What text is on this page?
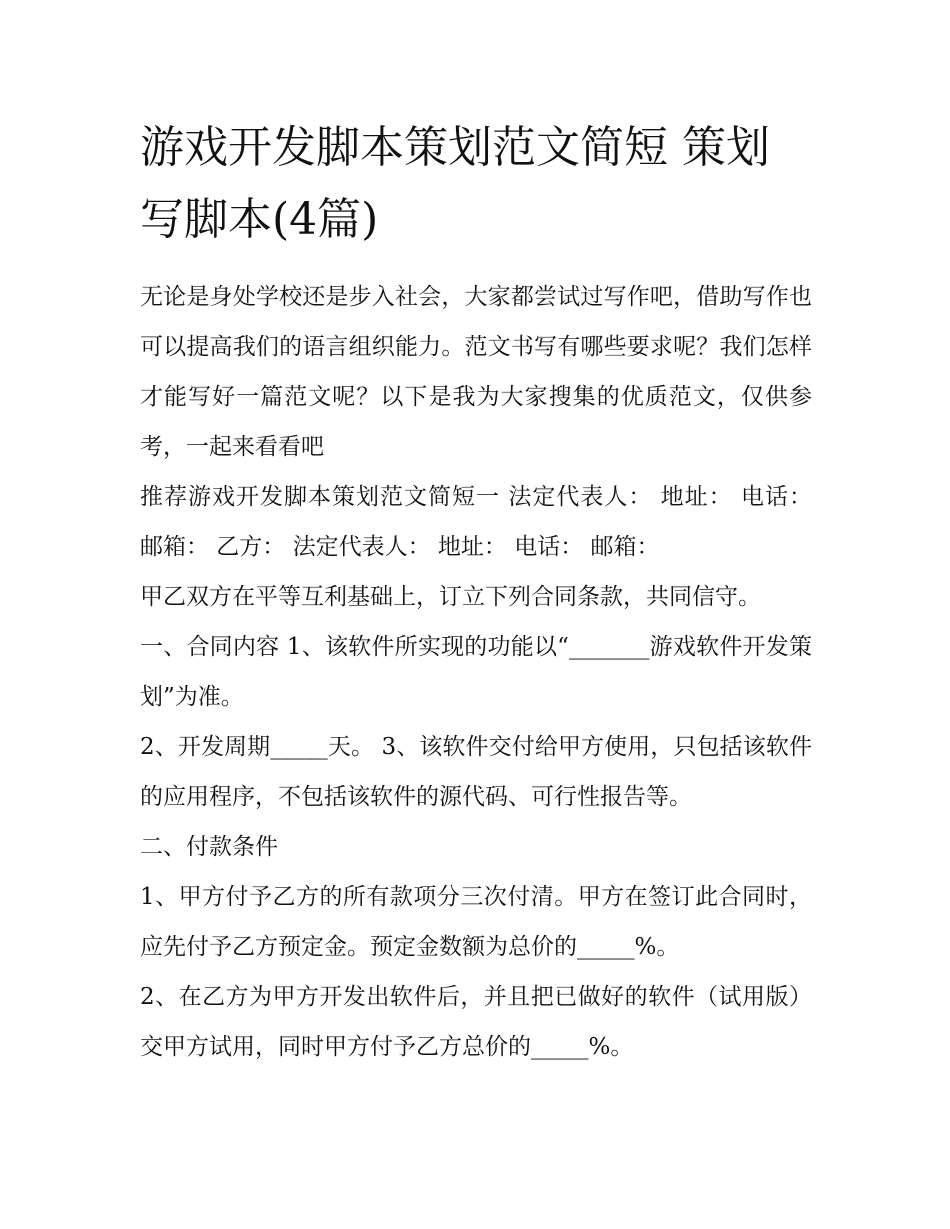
游戏开发脚本策划范文简短 策划写脚本(4篇)

无论是身处学校还是步入社会，大家都尝试过写作吧，借助写作也可以提高我们的语言组织能力。范文书写有哪些要求呢？我们怎样才能写好一篇范文呢？以下是我为大家搜集的优质范文，仅供参考，一起来看看吧

推荐游戏开发脚本策划范文简短一 法定代表人： 地址： 电话： 邮箱： 乙方： 法定代表人： 地址： 电话： 邮箱：

甲乙双方在平等互利基础上，订立下列合同条款，共同信守。

一、合同内容 1、该软件所实现的功能以“_______游戏软件开发策划”为准。

2、开发周期_____天。 3、该软件交付给甲方使用，只包括该软件的应用程序，不包括该软件的源代码、可行性报告等。

二、付款条件

1、甲方付予乙方的所有款项分三次付清。甲方在签订此合同时，应先付予乙方预定金。预定金数额为总价的_____%。

2、在乙方为甲方开发出软件后，并且把已做好的软件（试用版）交甲方试用，同时甲方付予乙方总价的_____%。
